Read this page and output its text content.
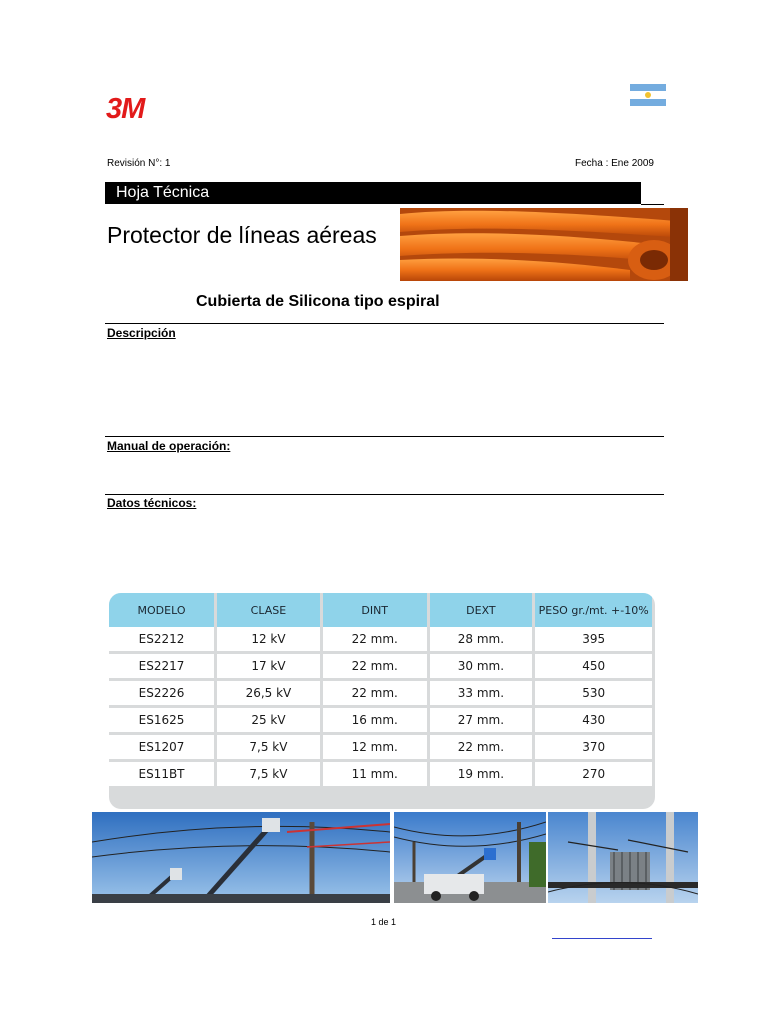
3M
Revisión N°: 1	Fecha : Ene 2009
Hoja Técnica
Protector de líneas aéreas
Cubierta de Silicona tipo espiral
Descripción
Manual de operación:
Datos técnicos:
MODELO	CLASE	DINT	DEXT	PESO gr./mt. +-10%
ES2212	12 kV	22 mm.	28 mm.	395
ES2217	17 kV	22 mm.	30 mm.	450
ES2226	26,5 kV	22 mm.	33 mm.	530
ES1625	25 kV	16 mm.	27 mm.	430
ES1207	7,5 kV	12 mm.	22 mm.	370
ES11BT	7,5 kV	11 mm.	19 mm.	270
1 de 1
